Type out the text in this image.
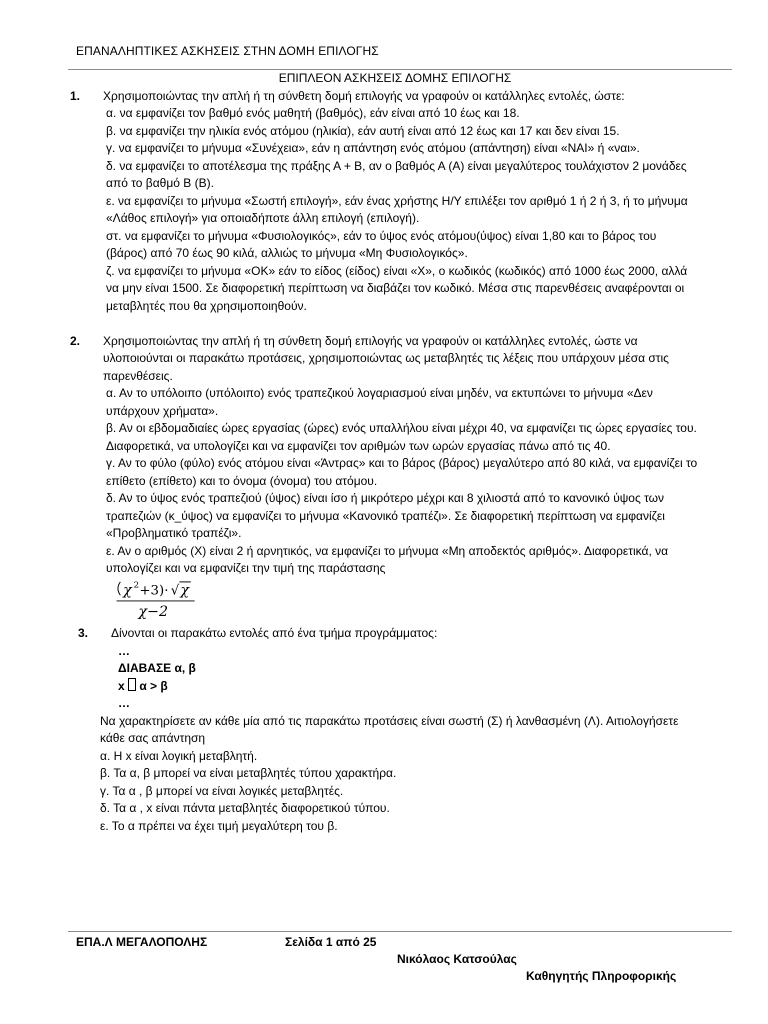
ΕΠΑΝΑΛΗΠΤΙΚΕΣ ΑΣΚΗΣΕΙΣ ΣΤΗΝ ΔΟΜΗ ΕΠΙΛΟΓΗΣ
ΕΠΙΠΛΕΟΝ ΑΣΚΗΣΕΙΣ ΔΟΜΗΣ ΕΠΙΛΟΓΗΣ
1.	Χρησιμοποιώντας την απλή ή τη σύνθετη δομή επιλογής να γραφούν οι κατάλληλες εντολές, ώστε:
α. να εμφανίζει τον βαθμό ενός μαθητή (βαθμός), εάν είναι από 10 έως και 18.
β. να εμφανίζει την ηλικία ενός ατόμου (ηλικία), εάν αυτή είναι από 12 έως και 17 και δεν είναι 15.
γ. να εμφανίζει το μήνυμα «Συνέχεια», εάν η απάντηση ενός ατόμου (απάντηση) είναι «ΝΑΙ» ή «ναι».
δ. να εμφανίζει το αποτέλεσμα της πράξης Α + Β, αν ο βαθμός Α (Α) είναι μεγαλύτερος τουλάχιστον 2 μονάδες από το βαθμό Β (Β).
ε. να εμφανίζει το μήνυμα «Σωστή επιλογή», εάν ένας χρήστης Η/Υ επιλέξει τον αριθμό 1 ή 2 ή 3, ή το μήνυμα «Λάθος επιλογή» για οποιαδήποτε άλλη επιλογή (επιλογή).
στ. να εμφανίζει το μήνυμα «Φυσιολογικός», εάν το ύψος ενός ατόμου(ύψος) είναι 1,80 και το βάρος του (βάρος) από 70 έως 90 κιλά, αλλιώς το μήνυμα «Μη Φυσιολογικός».
ζ. να εμφανίζει το μήνυμα «ΟΚ» εάν το είδος (είδος) είναι «Χ», ο κωδικός (κωδικός) από 1000 έως 2000, αλλά να μην είναι 1500. Σε διαφορετική περίπτωση να διαβάζει τον κωδικό. Μέσα στις παρενθέσεις αναφέρονται οι μεταβλητές που θα χρησιμοποιηθούν.
2.	Χρησιμοποιώντας την απλή ή τη σύνθετη δομή επιλογής να γραφούν οι κατάλληλες εντολές, ώστε να υλοποιούνται οι παρακάτω προτάσεις, χρησιμοποιώντας ως μεταβλητές τις λέξεις που υπάρχουν μέσα στις παρενθέσεις.
α. Αν το υπόλοιπο (υπόλοιπο) ενός τραπεζικού λογαριασμού είναι μηδέν, να εκτυπώνει το μήνυμα «Δεν υπάρχουν χρήματα».
β. Αν οι εβδομαδιαίες ώρες εργασίας (ώρες) ενός υπαλλήλου είναι μέχρι 40, να εμφανίζει τις ώρες εργασίες του. Διαφορετικά, να υπολογίζει και να εμφανίζει τον αριθμών των ωρών εργασίας πάνω από τις 40.
γ. Αν το φύλο (φύλο) ενός ατόμου είναι «Άντρας» και το βάρος (βάρος) μεγαλύτερο από 80 κιλά, να εμφανίζει το επίθετο (επίθετο) και το όνομα (όνομα) του ατόμου.
δ. Αν το ύψος ενός τραπεζιού (ύψος) είναι ίσο ή μικρότερο μέχρι και 8 χιλιοστά από το κανονικό ύψος των τραπεζιών (κ_ύψος) να εμφανίζει το μήνυμα «Κανονικό τραπέζι». Σε διαφορετική περίπτωση να εμφανίζει «Προβληματικό τραπέζι».
ε. Αν ο αριθμός (Χ) είναι 2 ή αρνητικός, να εμφανίζει το μήνυμα «Μη αποδεκτός αριθμός». Διαφορετικά, να υπολογίζει και να εμφανίζει την τιμή της παράστασης
χ 2 +3)· √ χ
χ−2
3.	Δίνονται οι παρακάτω εντολές από ένα τμήμα προγράμματος:
…
ΔΙΑΒΑΣΕ α, β
x  α > β
…
Να χαρακτηρίσετε αν κάθε μία από τις παρακάτω προτάσεις είναι σωστή (Σ) ή λανθασμένη (Λ). Αιτιολογήσετε κάθε σας απάντηση
α. Η x είναι λογική μεταβλητή.
β. Τα α, β μπορεί να είναι μεταβλητές τύπου χαρακτήρα.
γ. Τα α , β μπορεί να είναι λογικές μεταβλητές.
δ. Τα α , x είναι πάντα μεταβλητές διαφορετικού τύπου.
ε. Το α πρέπει να έχει τιμή μεγαλύτερη του β.
ΕΠΑ.Λ ΜΕΓΑΛΟΠΟΛΗΣ	Σελίδα 1 από 25
Νικόλαος Κατσούλας
Καθηγητής Πληροφορικής
